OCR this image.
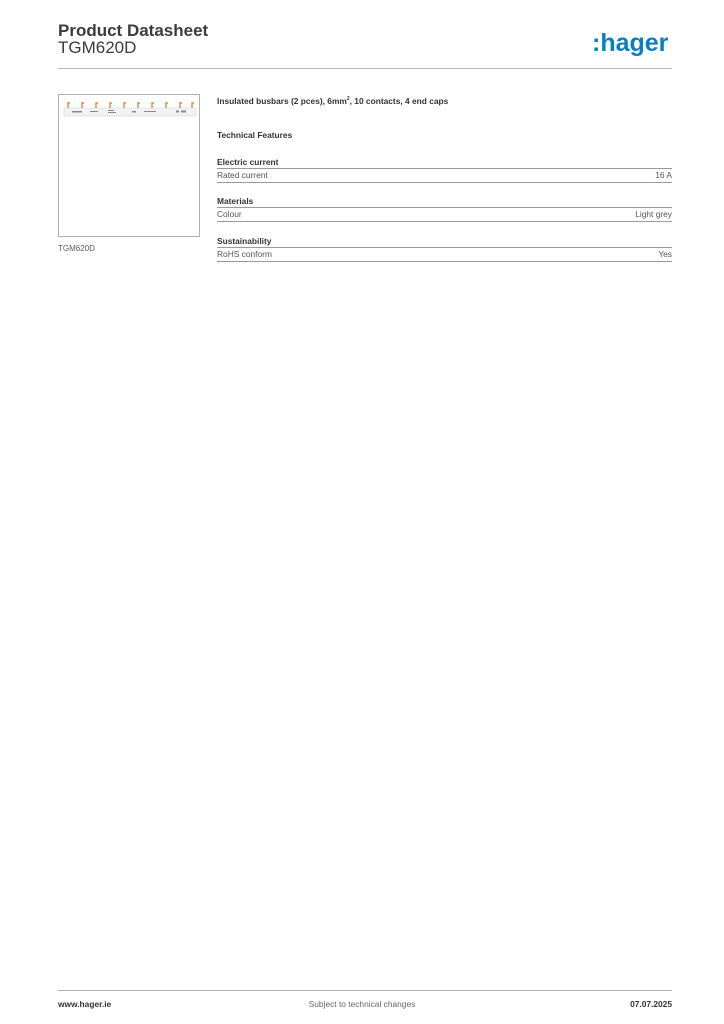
Product Datasheet
TGM620D	:hager
TGM620D
Insulated busbars (2 pces), $6mm^2$, 10 contacts, 4 end caps
Technical Features
Electric current
Rated current	16 A
Materials
Colour	Light grey
Sustainability
RoHS conform	Yes
www.hager.ie	Subject to technical changes	07.07.2025
